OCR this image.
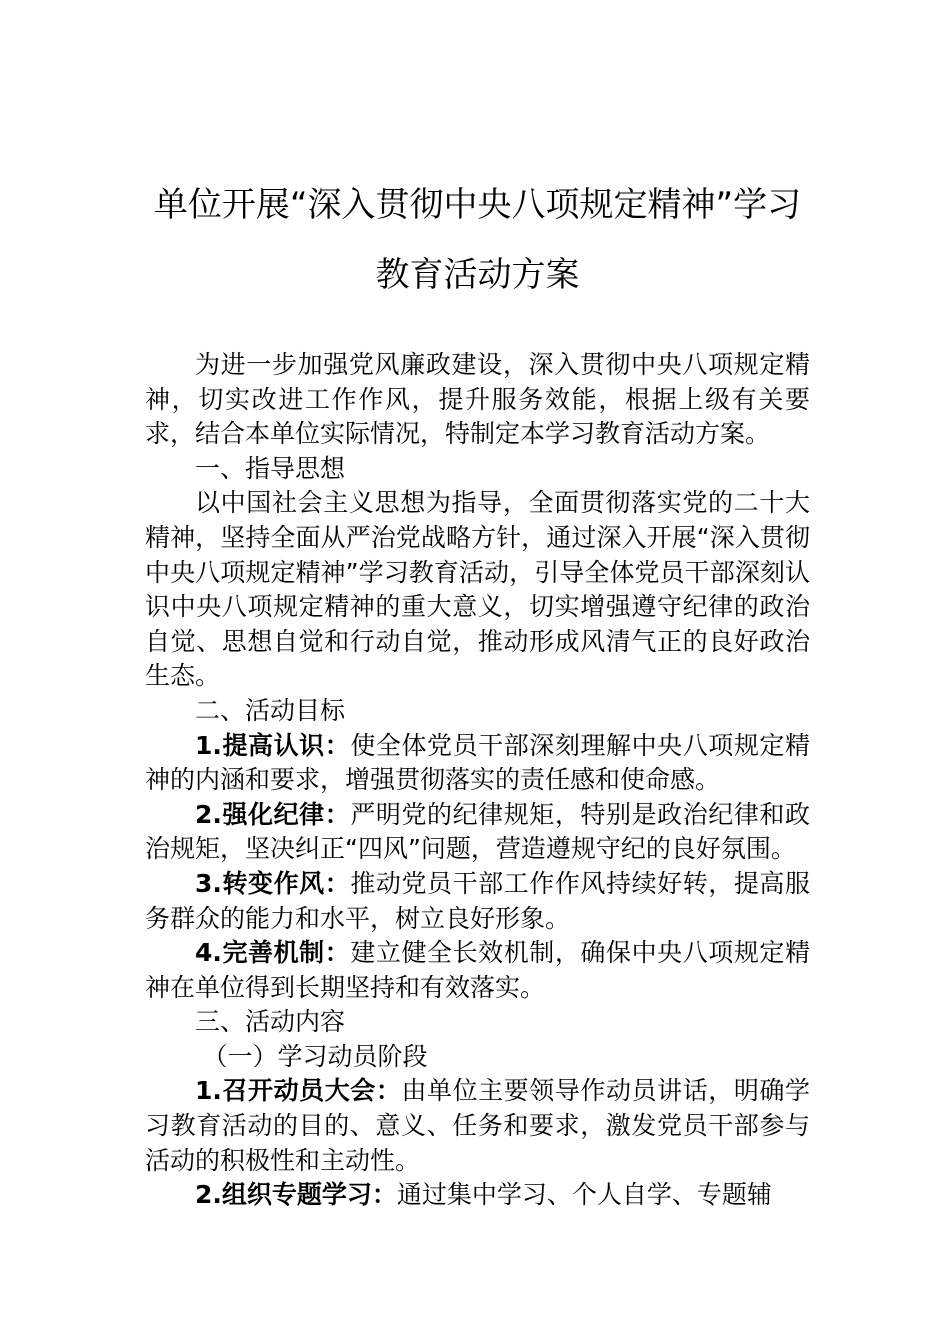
单位开展“深入贯彻中央八项规定精神”学习
教育活动方案

为进一步加强党风廉政建设，深入贯彻中央八项规定精神，切实改进工作作风，提升服务效能，根据上级有关要求，结合本单位实际情况，特制定本学习教育活动方案。

一、指导思想

以中国社会主义思想为指导，全面贯彻落实党的二十大精神，坚持全面从严治党战略方针，通过深入开展“深入贯彻中央八项规定精神”学习教育活动，引导全体党员干部深刻认识中央八项规定精神的重大意义，切实增强遵守纪律的政治自觉、思想自觉和行动自觉，推动形成风清气正的良好政治生态。

二、活动目标

1.提高认识：使全体党员干部深刻理解中央八项规定精神的内涵和要求，增强贯彻落实的责任感和使命感。

2.强化纪律：严明党的纪律规矩，特别是政治纪律和政治规矩，坚决纠正“四风”问题，营造遵规守纪的良好氛围。

3.转变作风：推动党员干部工作作风持续好转，提高服务群众的能力和水平，树立良好形象。

4.完善机制：建立健全长效机制，确保中央八项规定精神在单位得到长期坚持和有效落实。

三、活动内容

（一）学习动员阶段

1.召开动员大会：由单位主要领导作动员讲话，明确学习教育活动的目的、意义、任务和要求，激发党员干部参与活动的积极性和主动性。

2.组织专题学习：通过集中学习、个人自学、专题辅
